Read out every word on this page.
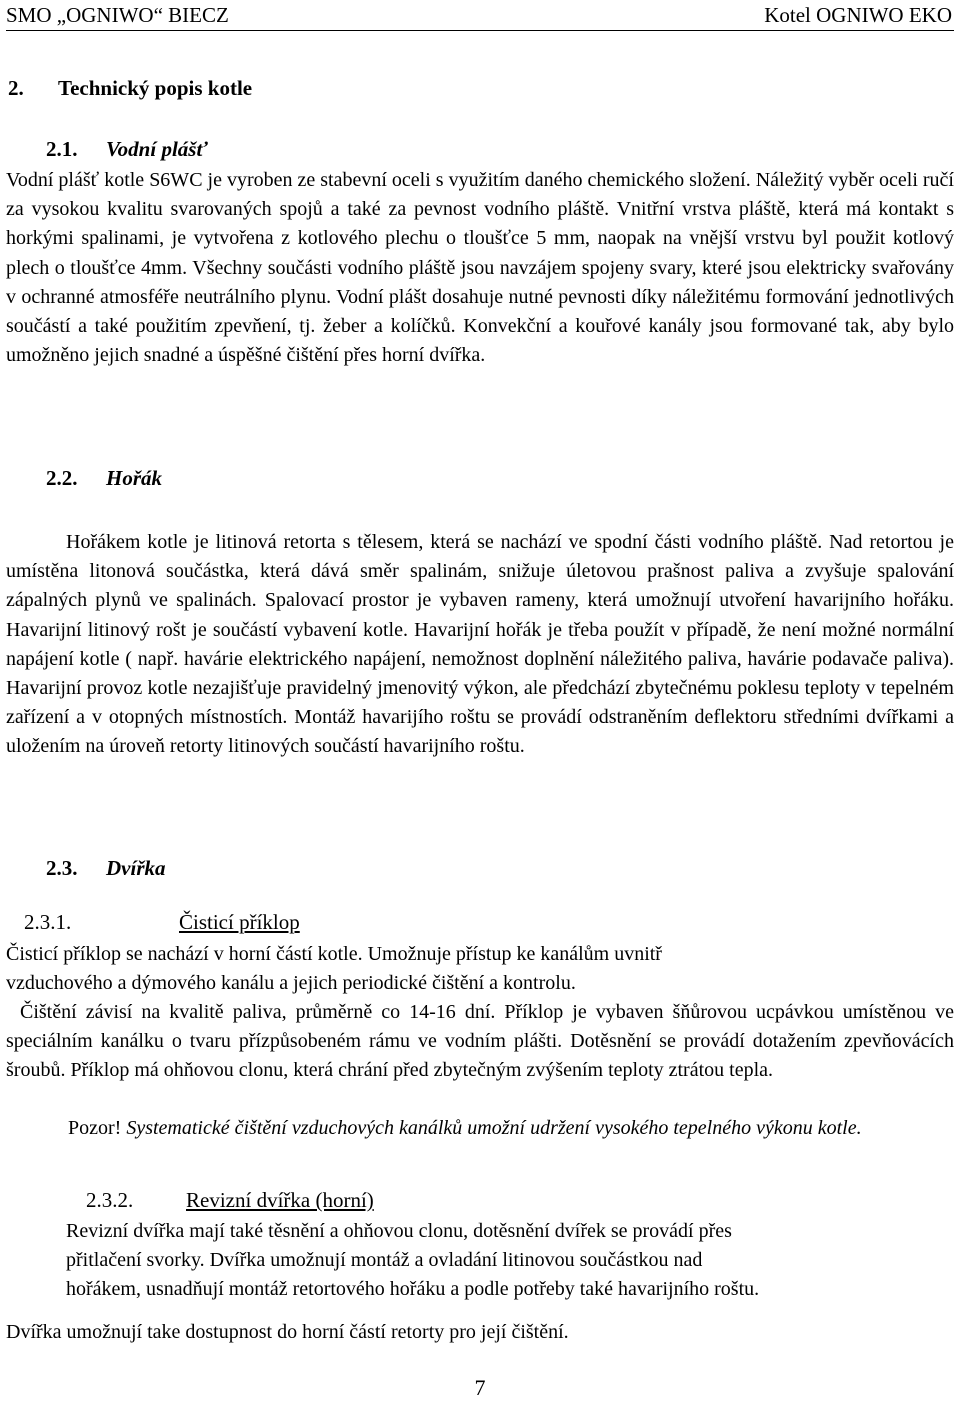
SMO „OGNIWO“ BIECZ	Kotel OGNIWO EKO
2. Technický popis kotle
2.1. Vodní plášť

Vodní plášť kotle S6WC je vyroben ze stabevní oceli s využitím daného chemického složení. Náležitý vyběr oceli ručí za vysokou kvalitu svarovaných spojů a také za pevnost vodního pláště. Vnitřní vrstva pláště, která má kontakt s horkými spalinami, je vytvořena z kotlového plechu o tloušťce 5 mm, naopak na vnější vrstvu byl použit kotlový plech o tloušťce 4mm. Všechny součásti vodního pláště jsou navzájem spojeny svary, které jsou elektricky svařovány v ochranné atmosféře neutrálního plynu. Vodní plášt dosahuje nutné pevnosti díky náležitému formování jednotlivých součástí a také použitím zpevňení, tj. žeber a kolíčků. Konvekční a kouřové kanály jsou formované tak, aby bylo umožněno jejich snadné a úspěšné čištění přes horní dvířka.

2.2. Hořák

Hořákem kotle je litinová retorta s tělesem, která se nachází ve spodní části vodního pláště. Nad retortou je umístěna litonová součástka, která dává směr spalinám, snižuje úletovou prašnost paliva a zvyšuje spalování zápalných plynů ve spalinách. Spalovací prostor je vybaven rameny, která umožnují utvoření havarijního hořáku. Havarijní litinový rošt je součástí vybavení kotle. Havarijní hořák je třeba použít v případě, že není možné normální napájení kotle ( např. havárie elektrického napájení, nemožnost doplnění náležitého paliva, havárie podavače paliva). Havarijní provoz kotle nezajišťuje pravidelný jmenovitý výkon, ale předchází zbytečnému poklesu teploty v tepelném zařízení a v otopných místnostích. Montáž havarijího roštu se provádí odstraněním deflektoru středními dvířkami a uložením na úroveň retorty litinových součástí havarijního roštu.

2.3. Dvířka
2.3.1.	Čisticí příklop
Čisticí příklop se nachází v horní částí kotle. Umožnuje přístup ke kanálům uvnitř
vzduchového a dýmového kanálu a jejich periodické čištění a kontrolu.

Čištění závisí na kvalitě paliva, průměrně co 14-16 dní. Příklop je vybaven šňůrovou ucpávkou umístěnou ve speciálním kanálku o tvaru přízpůsobeném rámu ve vodním plášti. Dotěsnění se provádí dotažením zpevňovácích šroubů. Příklop má ohňovou clonu, která chrání před zbytečným zvýšením teploty ztrátou tepla.

Pozor! Systematické čištění vzduchových kanálků umožní udržení vysokého tepelného výkonu kotle.

2.3.2.	Revizní dvířka (horní)
Revizní dvířka mají také těsnění a ohňovou clonu, dotěsnění dvířek se provádí přes
přitlačení svorky. Dvířka umožnují montáž a ovladání litinovou součástkou nad
hořákem, usnadňují montáž retortového hořáku a podle potřeby také havarijního roštu.
Dvířka umožnují take dostupnost do horní částí retorty pro její čištění.
7
